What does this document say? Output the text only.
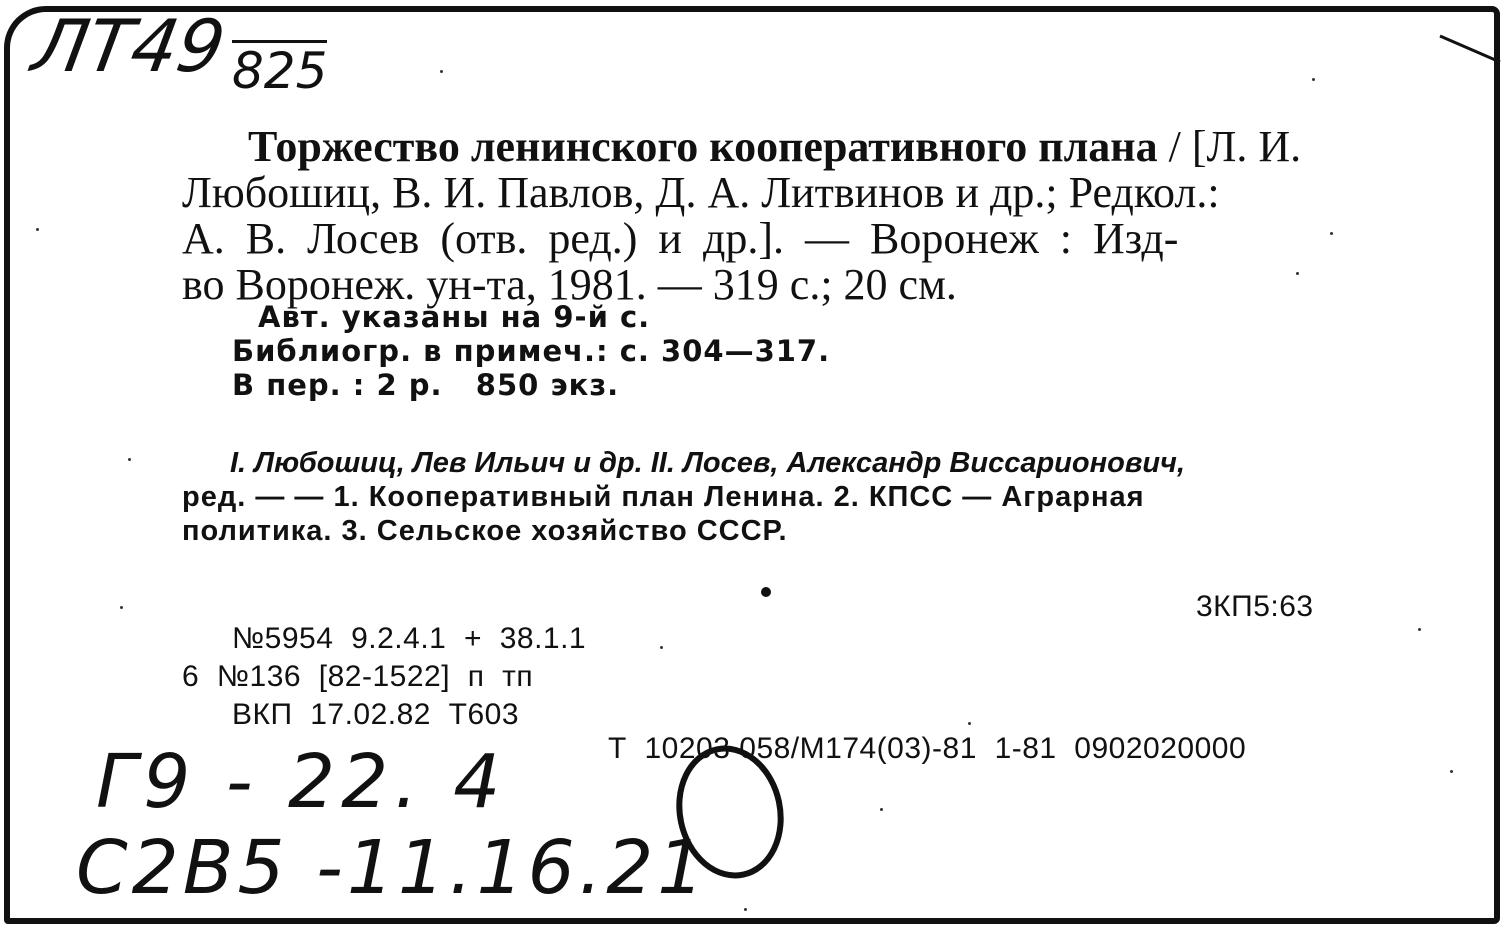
ЛТ49 825
Торжество ленинского кооперативного плана / [Л. И.
Любошиц, В. И. Павлов, Д. А. Литвинов и др.; Редкол.:
А. В. Лосев (отв. ред.) и др.]. — Воронеж : Изд-
во Воронеж. ун-та, 1981. — 319 с.; 20 см.
Авт. указаны на 9-й с.
Библиогр. в примеч.: с. 304—317.
В пер. : 2 р.   850 экз.
I. Любошиц, Лев Ильич и др. II. Лосев, Александр Виссарионович,
ред. — — 1. Кооперативный план Ленина. 2. КПСС — Аграрная
политика. 3. Сельское хозяйство СССР.
3КП5:63
№5954  9.2.4.1  +  38.1.1
6  №136  [82-1522]  п  тп
ВКП  17.02.82  Т603
Т  10203 058/М174(03)-81  1-81  0902020000
Г9 - 22. 4
С2В5 -11.16.21
